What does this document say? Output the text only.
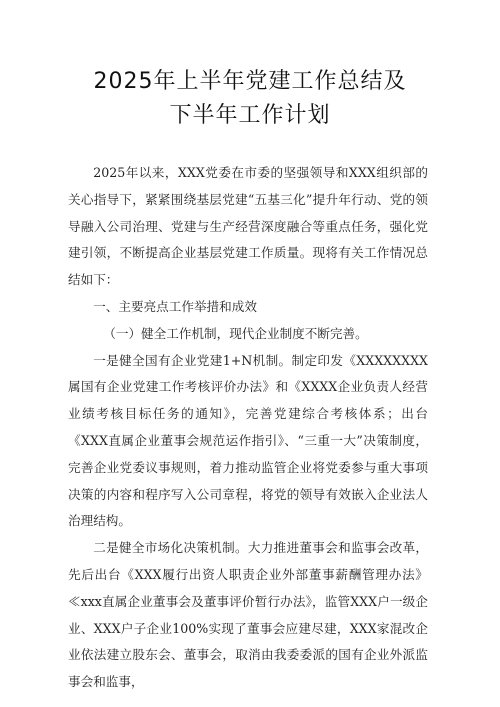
2025年上半年党建工作总结及
下半年工作计划

2025年以来，XXX党委在市委的坚强领导和XXX组织部的关心指导下，紧紧围绕基层党建“五基三化”提升年行动、党的领导融入公司治理、党建与生产经营深度融合等重点任务，强化党建引领，不断提高企业基层党建工作质量。现将有关工作情况总结如下：

一、主要亮点工作举措和成效

（一）健全工作机制，现代企业制度不断完善。

一是健全国有企业党建1+N机制。制定印发《XXXXXXXX属国有企业党建工作考核评价办法》和《XXXX企业负责人经营业绩考核目标任务的通知》，完善党建综合考核体系；出台《XXX直属企业董事会规范运作指引》、“三重一大”决策制度，完善企业党委议事规则，着力推动监管企业将党委参与重大事项决策的内容和程序写入公司章程，将党的领导有效嵌入企业法人治理结构。

二是健全市场化决策机制。大力推进董事会和监事会改革，先后出台《XXX履行出资人职责企业外部董事薪酬管理办法》≪xxx直属企业董事会及董事评价暂行办法》，监管XXX户一级企业、XXX户子企业100%实现了董事会应建尽建，XXX家混改企业依法建立股东会、董事会，取消由我委委派的国有企业外派监事会和监事，
